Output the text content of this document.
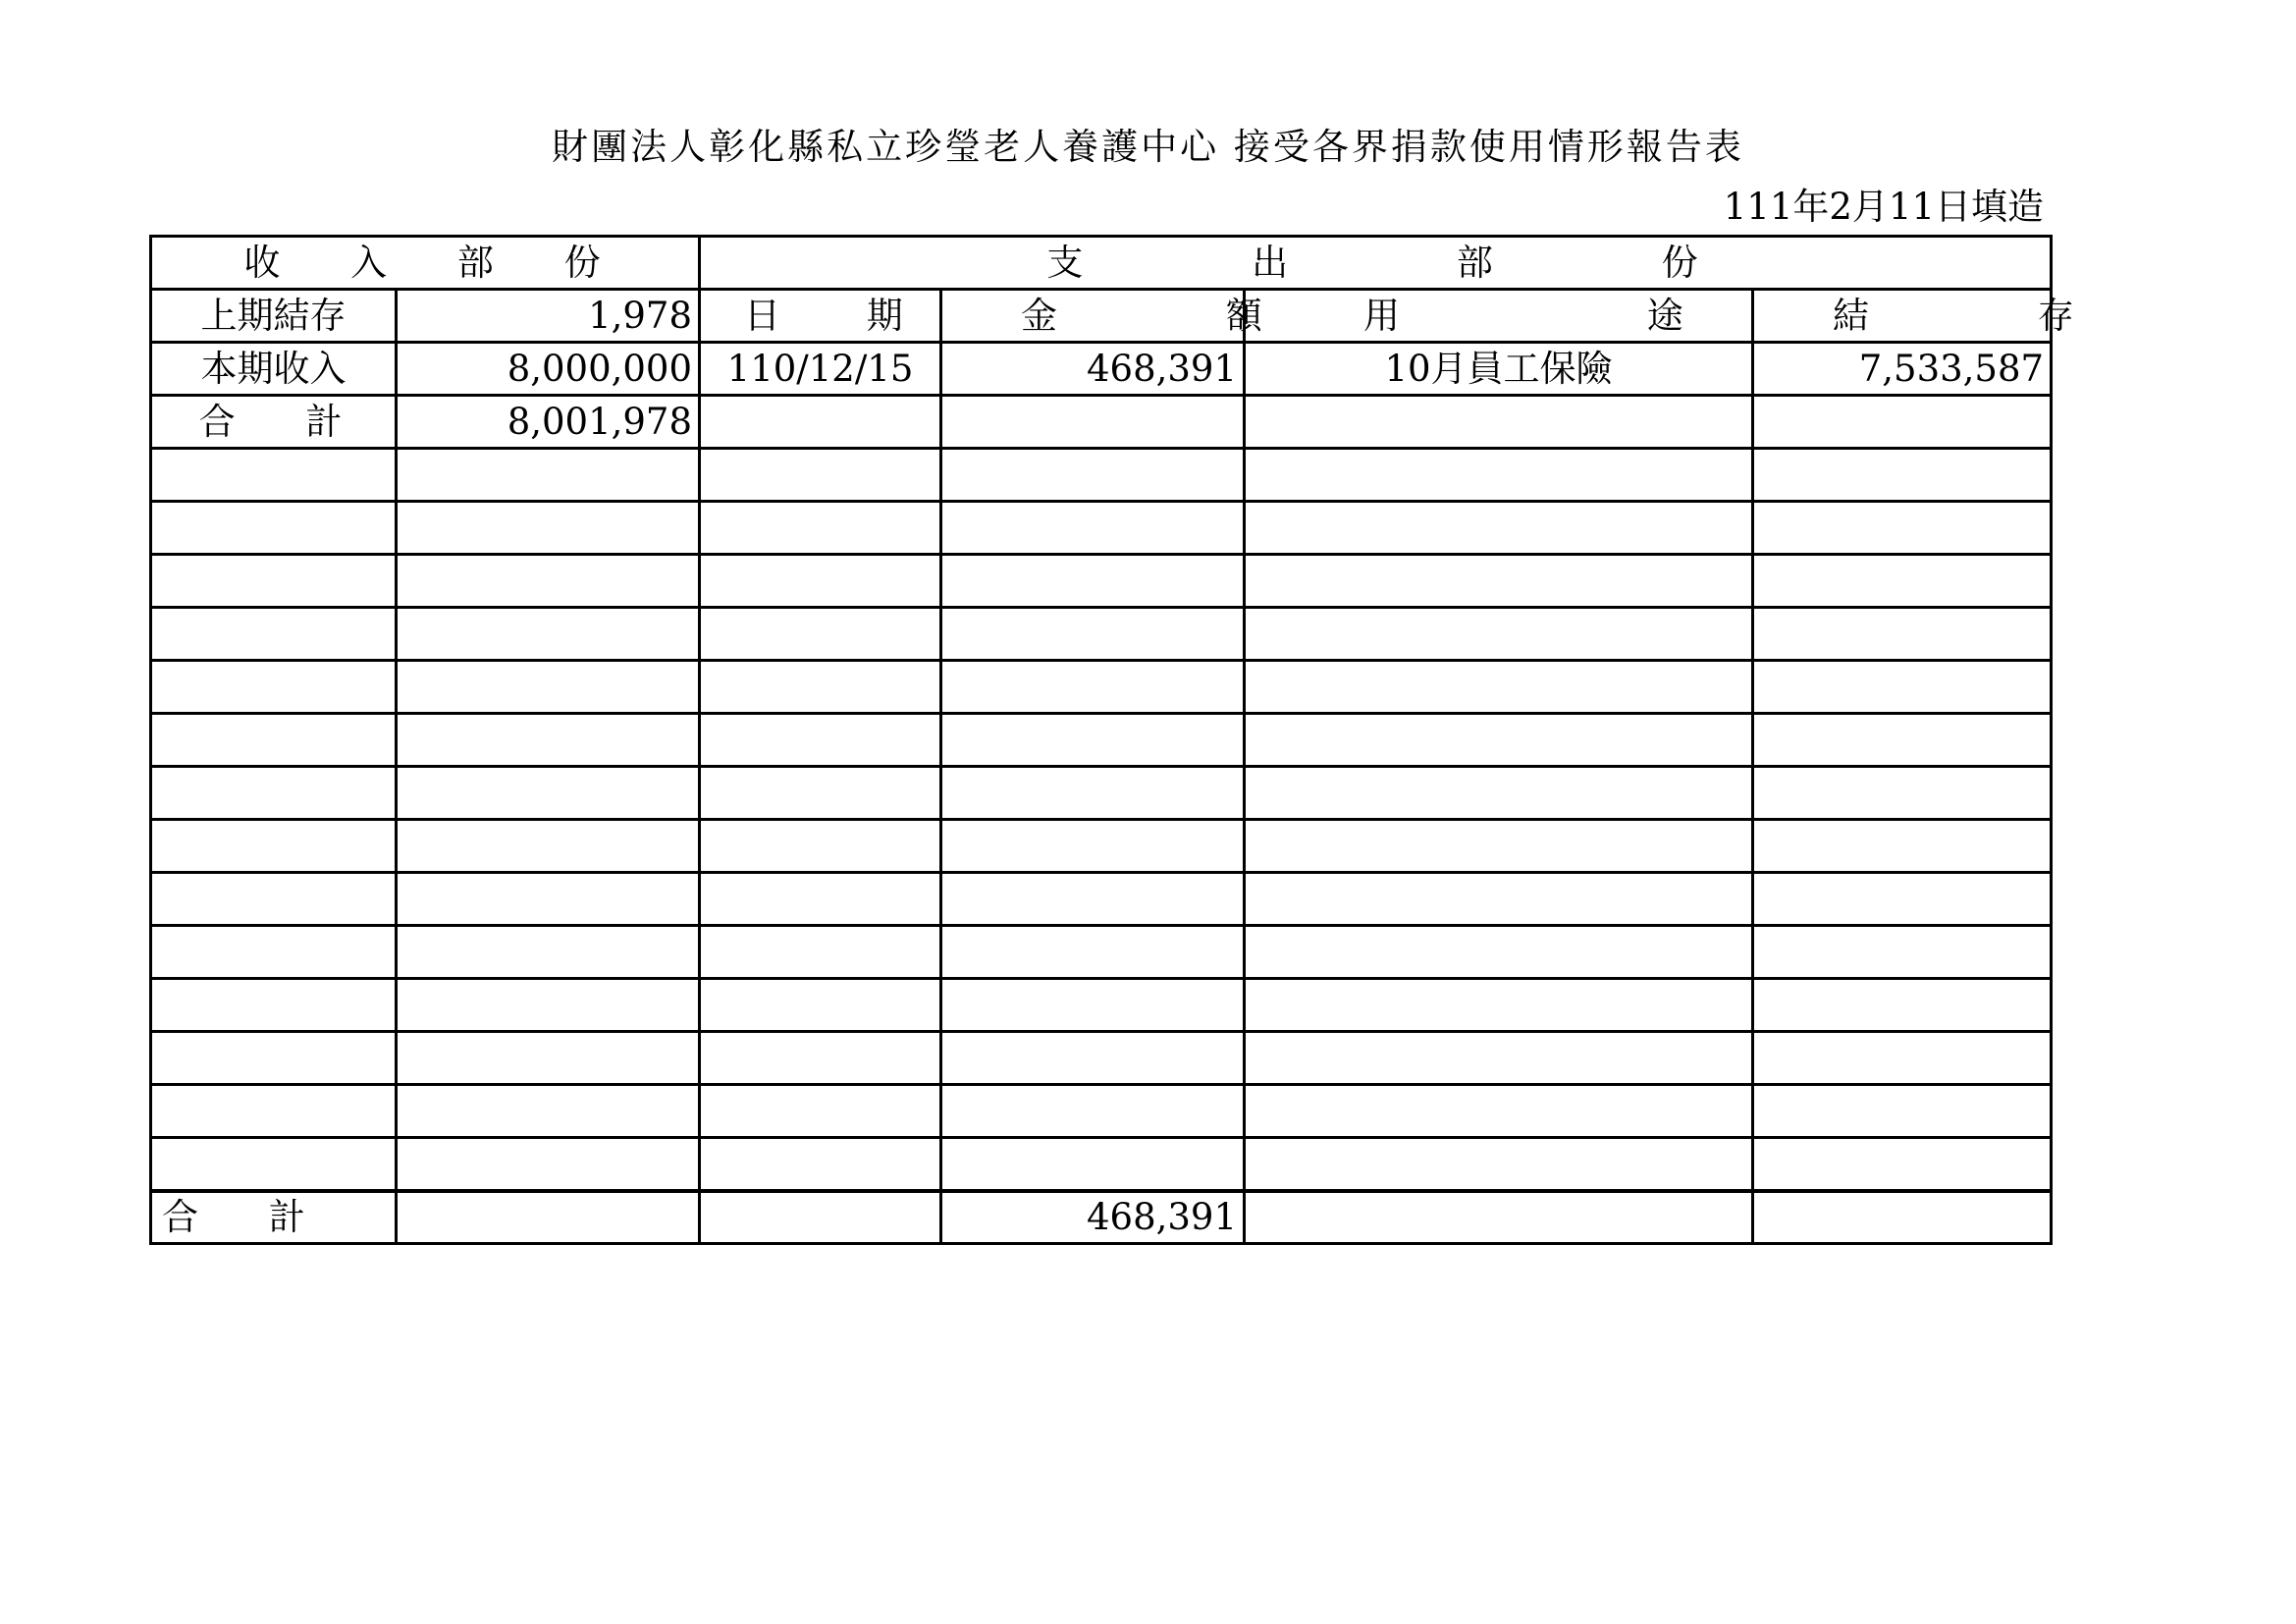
財團法人彰化縣私立珍瑩老人養護中心 接受各界捐款使用情形報告表
111年2月11日填造
收 入 部 份		支 出 部 份			
上期結存	1,978	日 期	金 額	用 途	結 存
本期收入	8,000,000	110/12/15	468,391	10月員工保險	7,533,587
合 計	8,001,978				

合 計			468,391		
